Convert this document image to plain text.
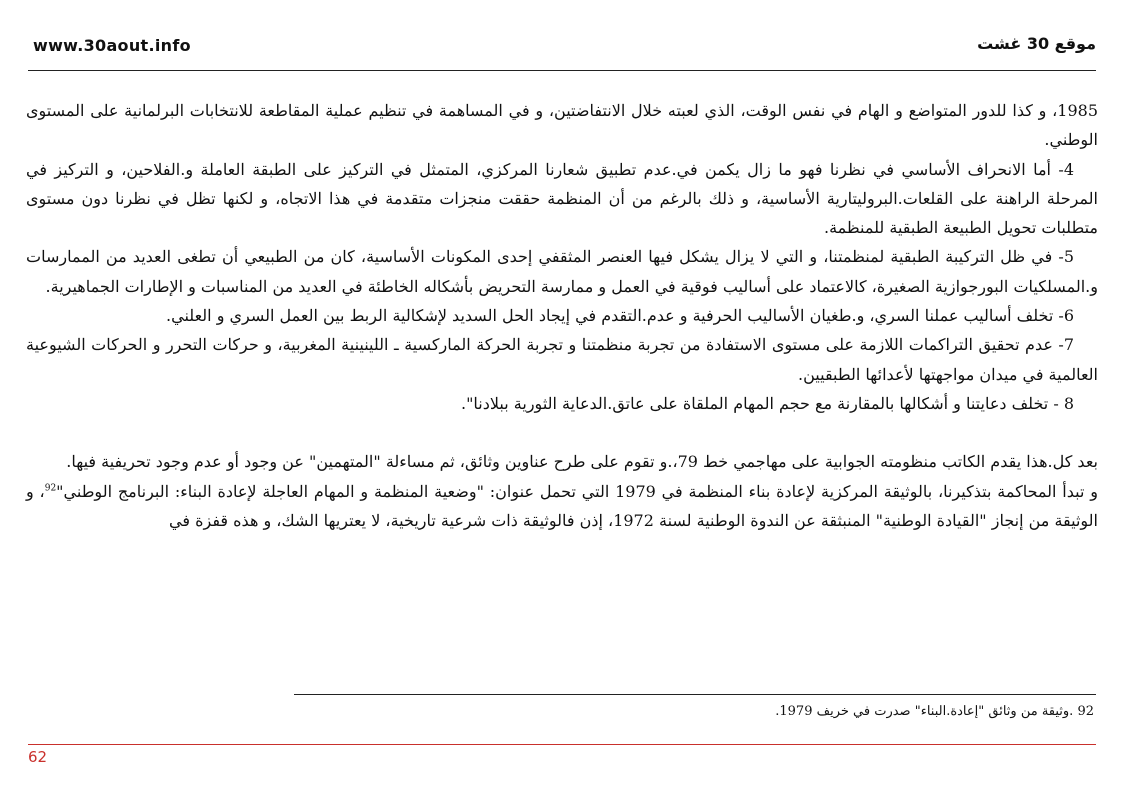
www.30aout.info	موقع 30 غشت

1985، و كذا للدور المتواضع و الهام في نفس الوقت، الذي لعبته خلال الانتفاضتين، و في المساهمة في تنظيم عملية المقاطعة للانتخابات البرلمانية على المستوى الوطني.

4- أما الانحراف الأساسي في نظرنا فهو ما زال يكمن في.عدم تطبيق شعارنا المركزي، المتمثل في التركيز على الطبقة العاملة و.الفلاحين، و التركيز في المرحلة الراهنة على القلعات.البروليتارية الأساسية، و ذلك بالرغم من أن المنظمة حققت منجزات متقدمة في هذا الاتجاه، و لكنها تظل في نظرنا دون مستوى متطلبات تحويل الطبيعة الطبقية للمنظمة.

5- في ظل التركيبة الطبقية لمنظمتنا، و التي لا يزال يشكل فيها العنصر المثقفي إحدى المكونات الأساسية، كان من الطبيعي أن تطغى العديد من الممارسات و.المسلكيات البورجوازية الصغيرة، كالاعتماد على أساليب فوقية في العمل و ممارسة التحريض بأشكاله الخاطئة في العديد من المناسبات و الإطارات الجماهيرية.

6- تخلف أساليب عملنا السري، و.طغيان الأساليب الحرفية و عدم.التقدم في إيجاد الحل السديد لإشكالية الربط بين العمل السري و العلني.

7- عدم تحقيق التراكمات اللازمة على مستوى الاستفادة من تجربة منظمتنا و تجربة الحركة الماركسية ـ اللينينية المغربية، و حركات التحرر و الحركات الشيوعية العالمية في ميدان مواجهتها لأعدائها الطبقيين.

8 - تخلف دعايتنا و أشكالها بالمقارنة مع حجم المهام الملقاة على عاتق.الدعاية الثورية ببلادنا".

بعد كل.هذا يقدم الكاتب منظومته الجوابية على مهاجمي خط 79،.و تقوم على طرح عناوين وثائق، ثم مساءلة "المتهمين" عن وجود أو عدم وجود تحريفية فيها.

و تبدأ المحاكمة بتذكيرنا، بالوثيقة المركزية لإعادة بناء المنظمة في 1979 التي تحمل عنوان: "وضعية المنظمة و المهام العاجلة لإعادة البناء: البرنامج الوطني"$^{92}$، و الوثيقة من إنجاز "القيادة الوطنية" المنبثقة عن الندوة الوطنية لسنة 1972، إذن فالوثيقة ذات شرعية تاريخية، لا يعتريها الشك، و هذه قفزة في

92 .وثيقة من وثائق "إعادة.البناء" صدرت في خريف 1979.
62
